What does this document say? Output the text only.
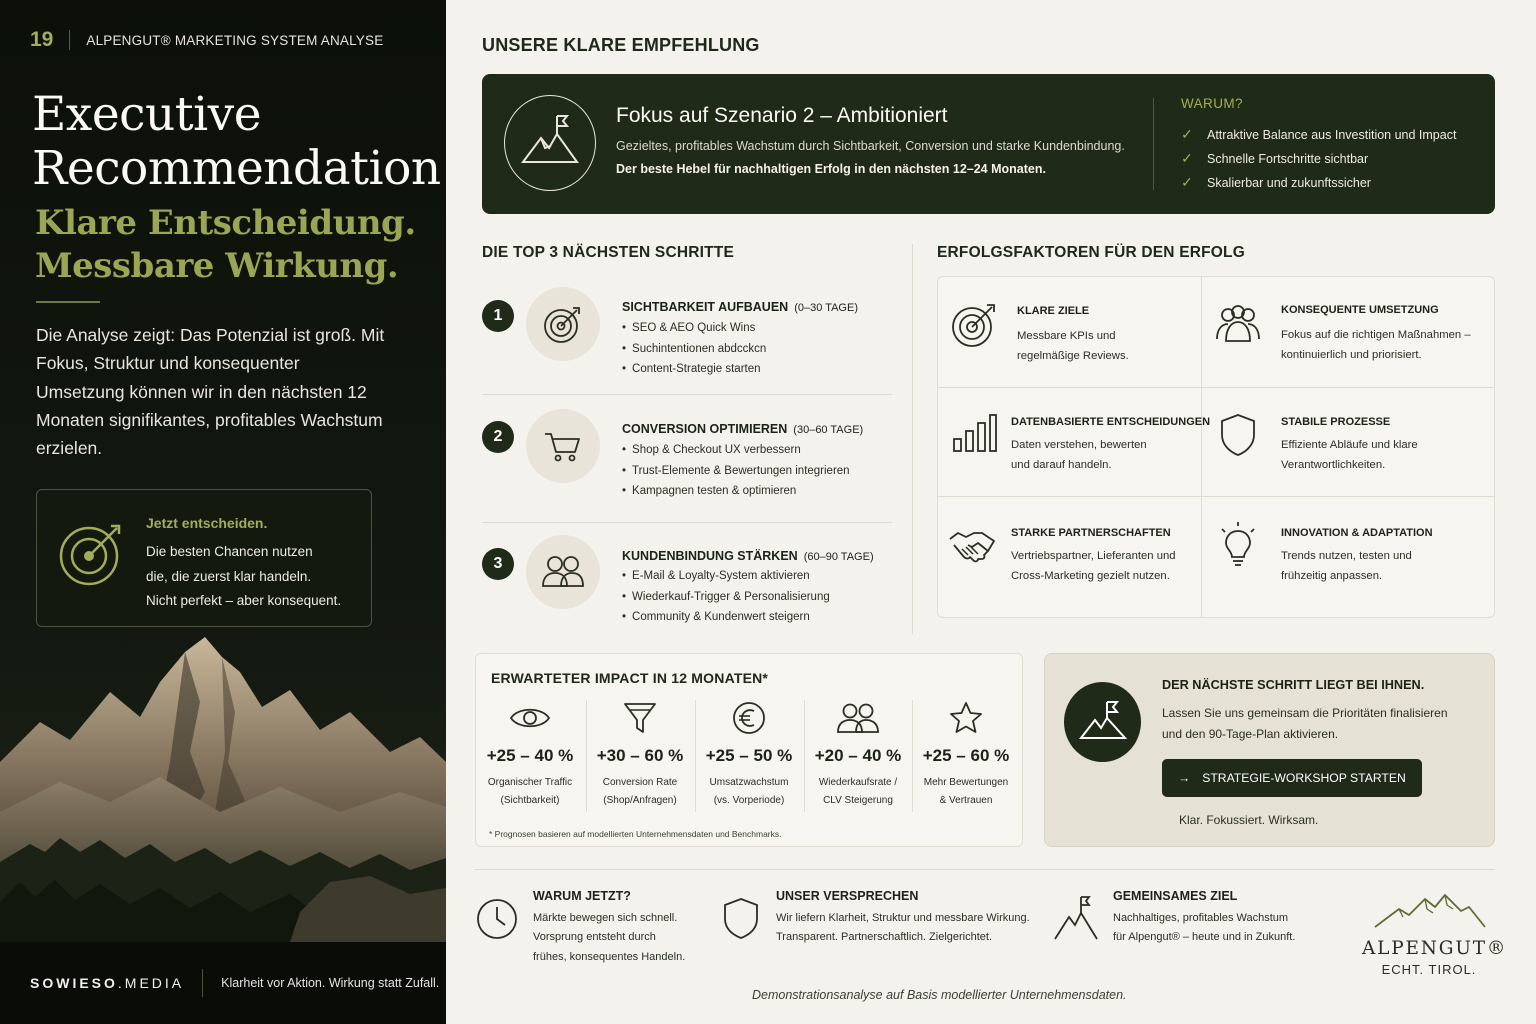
19 ALPENGUT® MARKETING SYSTEM ANALYSE
Executive
Recommendation
Klare Entscheidung.
Messbare Wirkung.

Die Analyse zeigt: Das Potenzial ist groß. Mit Fokus, Struktur und konsequenter Umsetzung können wir in den nächsten 12 Monaten signifikantes, profitables Wachstum erzielen.

Jetzt entscheiden.
Die besten Chancen nutzen
die, die zuerst klar handeln.
Nicht perfekt – aber konsequent.
SOWIESO.MEDIA	Klarheit vor Aktion. Wirkung statt Zufall.
UNSERE KLARE EMPFEHLUNG
Fokus auf Szenario 2 – Ambitioniert
Gezieltes, profitables Wachstum durch Sichtbarkeit, Conversion und starke Kundenbindung.
Der beste Hebel für nachhaltigen Erfolg in den nächsten 12–24 Monaten.
WARUM?
✓ Attraktive Balance aus Investition und Impact
✓ Schnelle Fortschritte sichtbar
✓ Skalierbar und zukunftssicher
DIE TOP 3 NÄCHSTEN SCHRITTE
1	SICHTBARKEIT AUFBAUEN (0–30 TAGE)
• SEO & AEO Quick Wins
• Suchintentionen abdcckcn
• Content-Strategie starten
2	CONVERSION OPTIMIEREN (30–60 TAGE)
• Shop & Checkout UX verbessern
• Trust-Elemente & Bewertungen integrieren
• Kampagnen testen & optimieren
3	KUNDENBINDUNG STÄRKEN (60–90 TAGE)
• E-Mail & Loyalty-System aktivieren
• Wiederkauf-Trigger & Personalisierung
• Community & Kundenwert steigern
ERFOLGSFAKTOREN FÜR DEN ERFOLG
KLARE ZIELE
Messbare KPIs und
regelmäßige Reviews.
KONSEQUENTE UMSETZUNG
Fokus auf die richtigen Maßnahmen –
kontinuierlich und priorisiert.
DATENBASIERTE ENTSCHEIDUNGEN
Daten verstehen, bewerten
und darauf handeln.
STABILE PROZESSE
Effiziente Abläufe und klare
Verantwortlichkeiten.
STARKE PARTNERSCHAFTEN
Vertriebspartner, Lieferanten und
Cross-Marketing gezielt nutzen.
INNOVATION & ADAPTATION
Trends nutzen, testen und
frühzeitig anpassen.
ERWARTETER IMPACT IN 12 MONATEN*
+25 – 40 %
Organischer Traffic
(Sichtbarkeit)
+30 – 60 %
Conversion Rate
(Shop/Anfragen)
+25 – 50 %
Umsatzwachstum
(vs. Vorperiode)
+20 – 40 %
Wiederkaufsrate /
CLV Steigerung
+25 – 60 %
Mehr Bewertungen
& Vertrauen
* Prognosen basieren auf modellierten Unternehmensdaten und Benchmarks.
DER NÄCHSTE SCHRITT LIEGT BEI IHNEN.
Lassen Sie uns gemeinsam die Prioritäten finalisieren und den 90-Tage-Plan aktivieren.
→ STRATEGIE-WORKSHOP STARTEN
Klar. Fokussiert. Wirksam.
WARUM JETZT?
Märkte bewegen sich schnell.
Vorsprung entsteht durch
frühes, konsequentes Handeln.
UNSER VERSPRECHEN
Wir liefern Klarheit, Struktur und messbare Wirkung.
Transparent. Partnerschaftlich. Zielgerichtet.
GEMEINSAMES ZIEL
Nachhaltiges, profitables Wachstum
für Alpengut® – heute und in Zukunft.
ALPENGUT®
ECHT. TIROL.
Demonstrationsanalyse auf Basis modellierter Unternehmensdaten.
